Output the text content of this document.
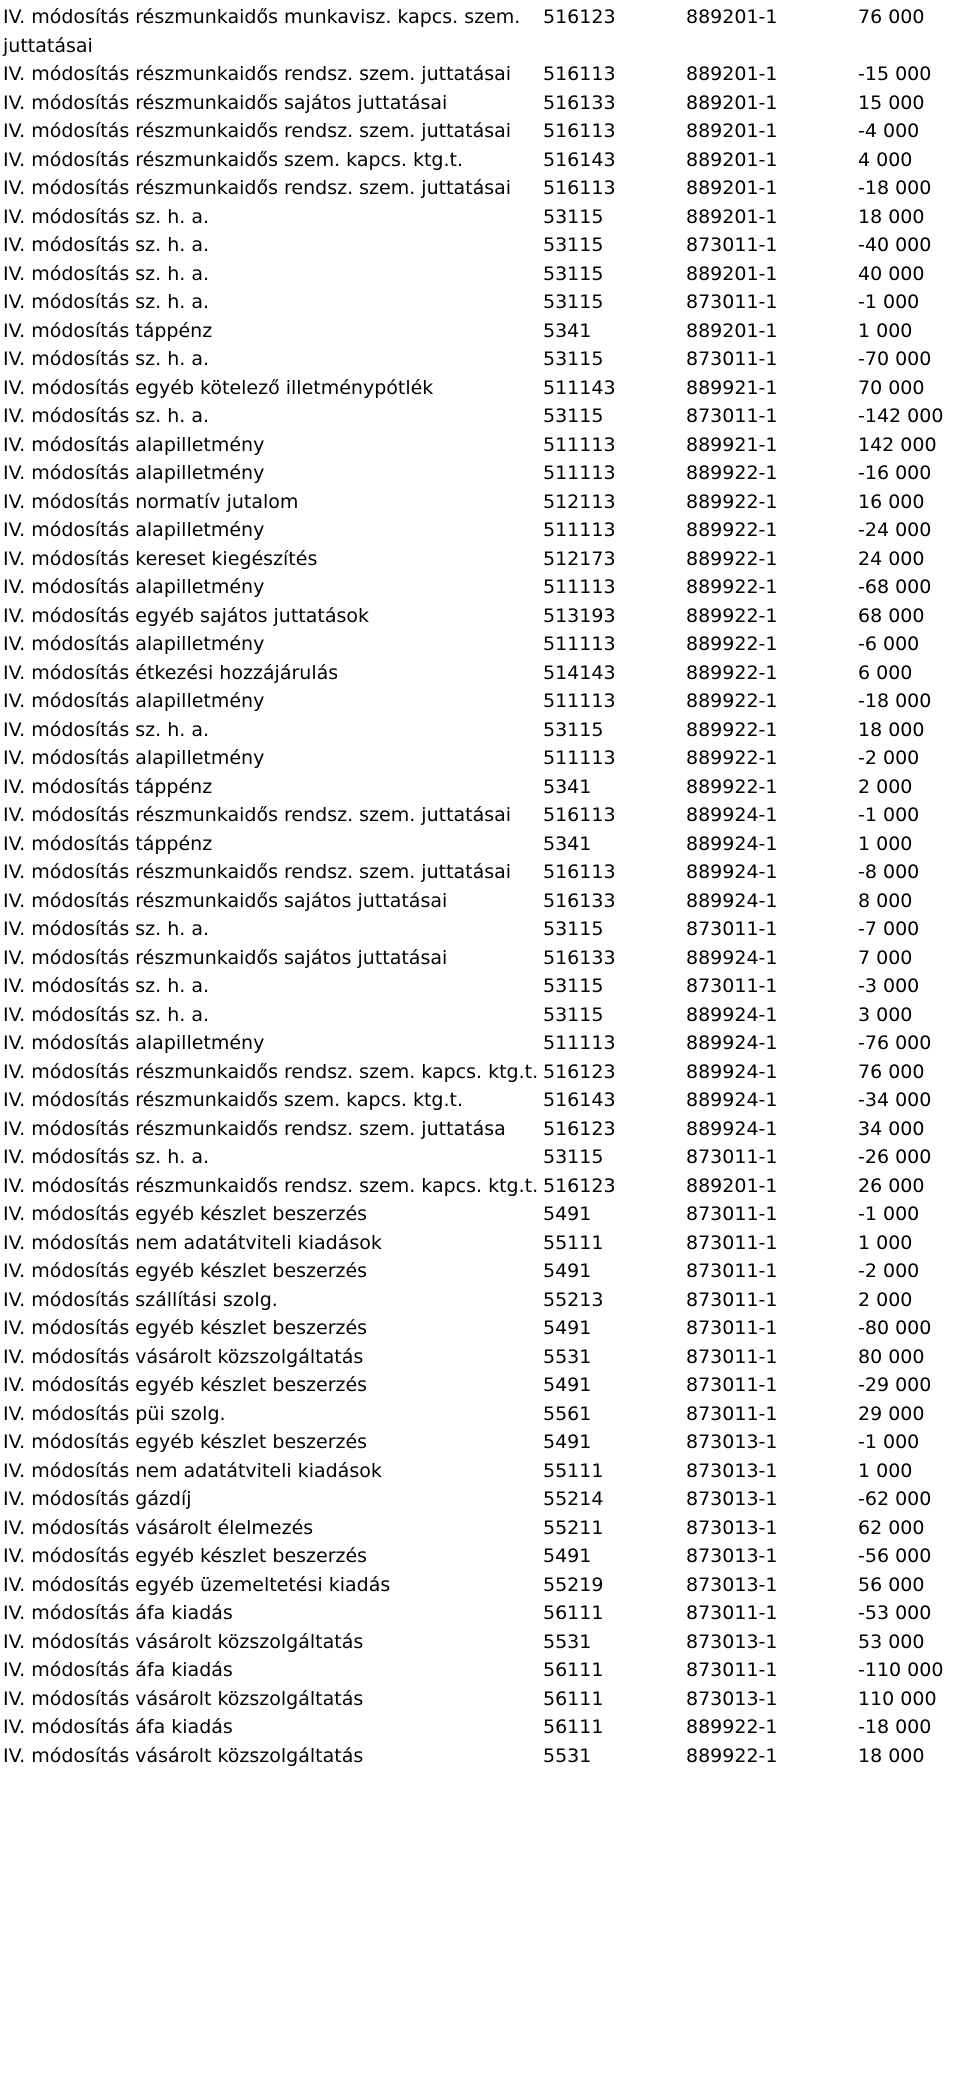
IV. módosítás részmunkaidős munkavisz. kapcs. szem. juttatásai
516123	889201-1	76 000
IV. módosítás részmunkaidős rendsz. szem. juttatásai	516113	889201-1	-15 000
IV. módosítás részmunkaidős sajátos juttatásai	516133	889201-1	15 000
IV. módosítás részmunkaidős rendsz. szem. juttatásai	516113	889201-1	-4 000
IV. módosítás részmunkaidős szem. kapcs. ktg.t.	516143	889201-1	4 000
IV. módosítás részmunkaidős rendsz. szem. juttatásai	516113	889201-1	-18 000
IV. módosítás sz. h. a.	53115	889201-1	18 000
IV. módosítás sz. h. a.	53115	873011-1	-40 000
IV. módosítás sz. h. a.	53115	889201-1	40 000
IV. módosítás sz. h. a.	53115	873011-1	-1 000
IV. módosítás táppénz	5341	889201-1	1 000
IV. módosítás sz. h. a.	53115	873011-1	-70 000
IV. módosítás egyéb kötelező illetménypótlék	511143	889921-1	70 000
IV. módosítás sz. h. a.	53115	873011-1	-142 000
IV. módosítás alapilletmény	511113	889921-1	142 000
IV. módosítás alapilletmény	511113	889922-1	-16 000
IV. módosítás normatív jutalom	512113	889922-1	16 000
IV. módosítás alapilletmény	511113	889922-1	-24 000
IV. módosítás kereset kiegészítés	512173	889922-1	24 000
IV. módosítás alapilletmény	511113	889922-1	-68 000
IV. módosítás egyéb sajátos juttatások	513193	889922-1	68 000
IV. módosítás alapilletmény	511113	889922-1	-6 000
IV. módosítás étkezési hozzájárulás	514143	889922-1	6 000
IV. módosítás alapilletmény	511113	889922-1	-18 000
IV. módosítás sz. h. a.	53115	889922-1	18 000
IV. módosítás alapilletmény	511113	889922-1	-2 000
IV. módosítás táppénz	5341	889922-1	2 000
IV. módosítás részmunkaidős rendsz. szem. juttatásai	516113	889924-1	-1 000
IV. módosítás táppénz	5341	889924-1	1 000
IV. módosítás részmunkaidős rendsz. szem. juttatásai	516113	889924-1	-8 000
IV. módosítás részmunkaidős sajátos juttatásai	516133	889924-1	8 000
IV. módosítás sz. h. a.	53115	873011-1	-7 000
IV. módosítás részmunkaidős sajátos juttatásai	516133	889924-1	7 000
IV. módosítás sz. h. a.	53115	873011-1	-3 000
IV. módosítás sz. h. a.	53115	889924-1	3 000
IV. módosítás alapilletmény	511113	889924-1	-76 000
IV. módosítás részmunkaidős rendsz. szem. kapcs. ktg.t. 516123	889924-1	76 000
IV. módosítás részmunkaidős szem. kapcs. ktg.t.	516143	889924-1	-34 000
IV. módosítás részmunkaidős rendsz. szem. juttatása	516123	889924-1	34 000
IV. módosítás sz. h. a.	53115	873011-1	-26 000
IV. módosítás részmunkaidős rendsz. szem. kapcs. ktg.t. 516123	889201-1	26 000
IV. módosítás egyéb készlet beszerzés	5491	873011-1	-1 000
IV. módosítás nem adatátviteli kiadások	55111	873011-1	1 000
IV. módosítás egyéb készlet beszerzés	5491	873011-1	-2 000
IV. módosítás szállítási szolg.	55213	873011-1	2 000
IV. módosítás egyéb készlet beszerzés	5491	873011-1	-80 000
IV. módosítás vásárolt közszolgáltatás	5531	873011-1	80 000
IV. módosítás egyéb készlet beszerzés	5491	873011-1	-29 000
IV. módosítás püi szolg.	5561	873011-1	29 000
IV. módosítás egyéb készlet beszerzés	5491	873013-1	-1 000
IV. módosítás nem adatátviteli kiadások	55111	873013-1	1 000
IV. módosítás gázdíj	55214	873013-1	-62 000
IV. módosítás vásárolt élelmezés	55211	873013-1	62 000
IV. módosítás egyéb készlet beszerzés	5491	873013-1	-56 000
IV. módosítás egyéb üzemeltetési kiadás	55219	873013-1	56 000
IV. módosítás áfa kiadás	56111	873011-1	-53 000
IV. módosítás vásárolt közszolgáltatás	5531	873013-1	53 000
IV. módosítás áfa kiadás	56111	873011-1	-110 000
IV. módosítás vásárolt közszolgáltatás	56111	873013-1	110 000
IV. módosítás áfa kiadás	56111	889922-1	-18 000
IV. módosítás vásárolt közszolgáltatás	5531	889922-1	18 000
